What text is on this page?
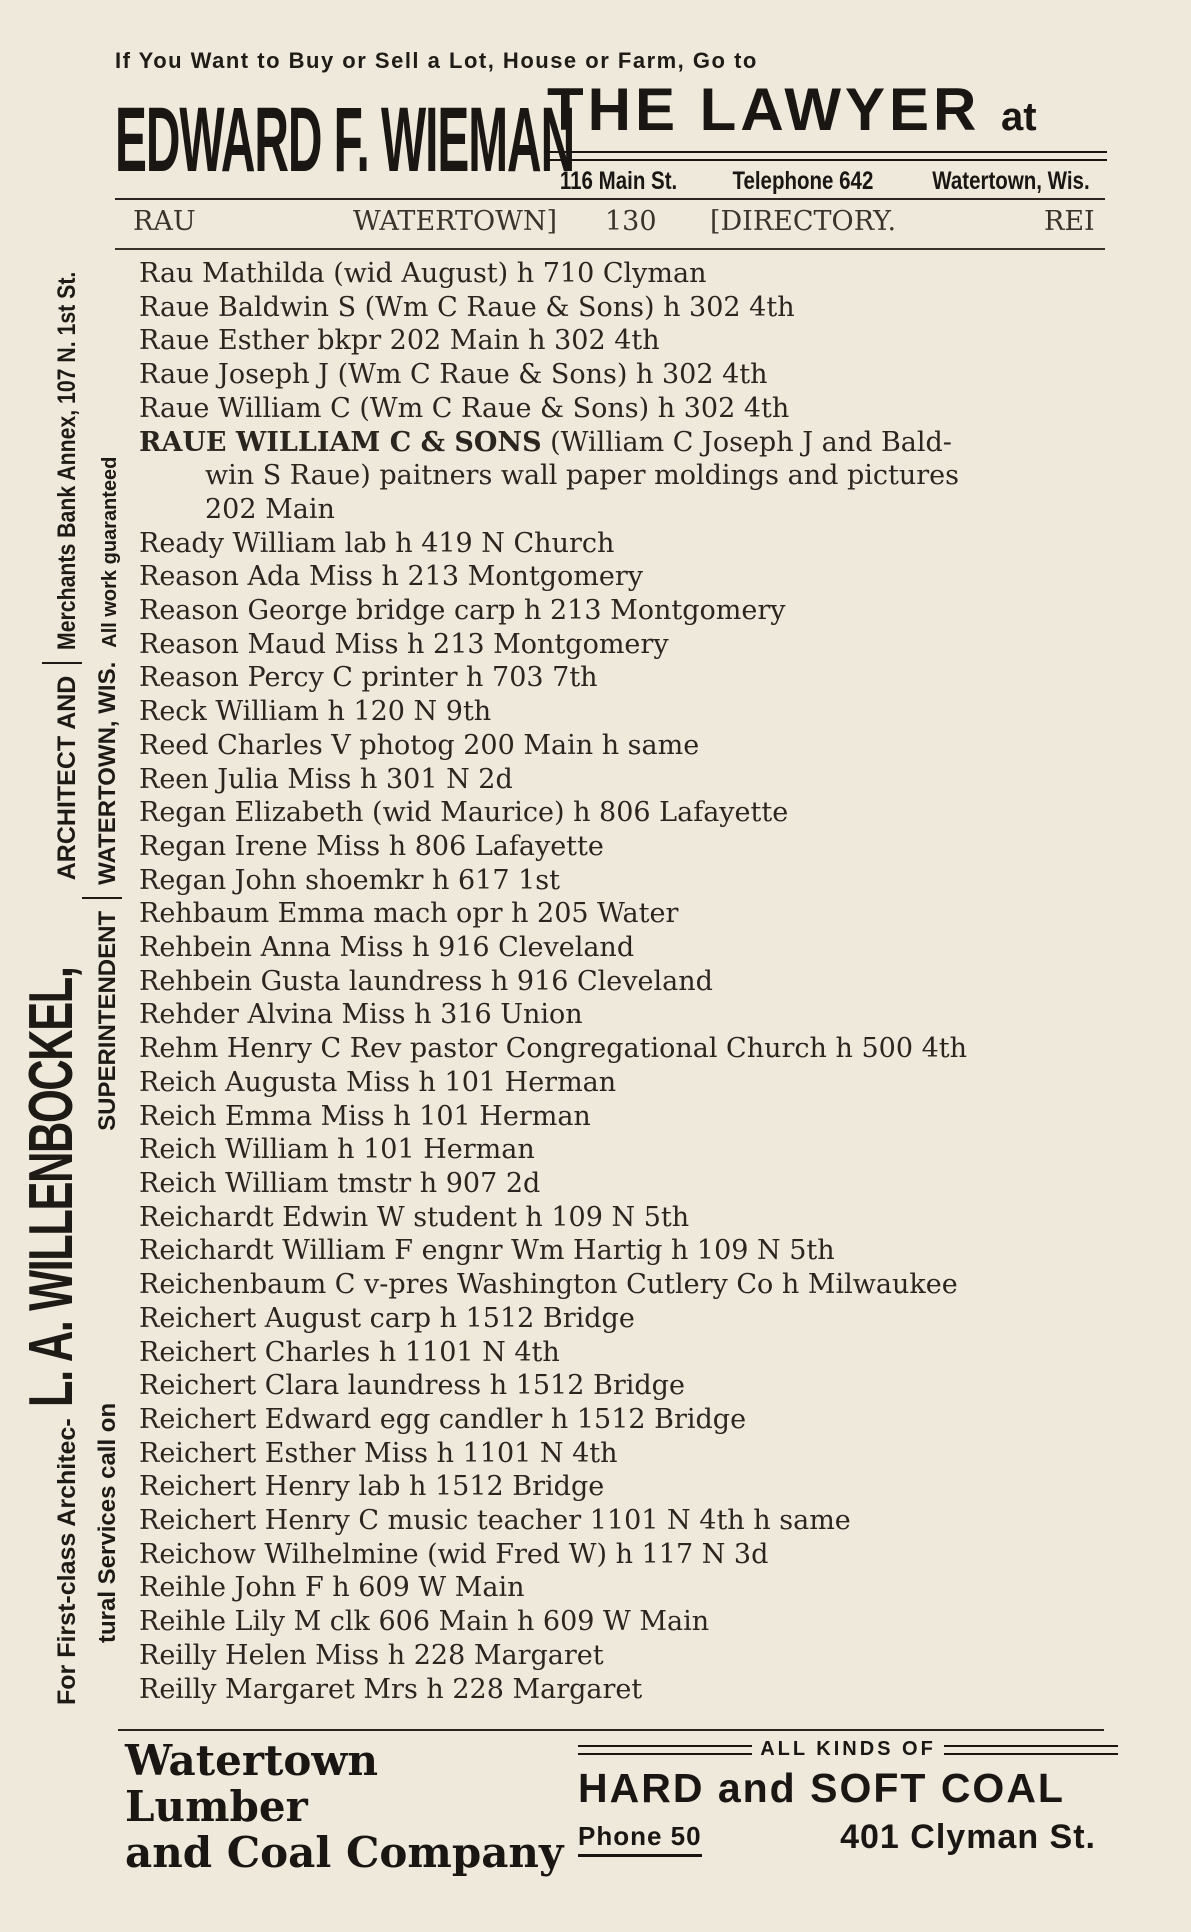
For First-class Architec-
L. A. WILLENBOCKEL,
ARCHITECT AND
Merchants Bank Annex, 107 N. 1st St.
tural Services call on
SUPERINTENDENT
WATERTOWN, WIS.
All work guaranteed
If You Want to Buy or Sell a Lot, House or Farm, Go to
EDWARD F. WIEMAN
THE LAWYER at
116 Main St. Telephone 642 Watertown, Wis.
RAU	WATERTOWN] 130 [DIRECTORY.	REI
Rau Mathilda (wid August) h 710 Clyman
Raue Baldwin S (Wm C Raue & Sons) h 302 4th
Raue Esther bkpr 202 Main h 302 4th
Raue Joseph J (Wm C Raue & Sons) h 302 4th
Raue William C (Wm C Raue & Sons) h 302 4th
RAUE WILLIAM C & SONS (William C Joseph J and Bald-
win S Raue) paitners wall paper moldings and pictures
202 Main
Ready William lab h 419 N Church
Reason Ada Miss h 213 Montgomery
Reason George bridge carp h 213 Montgomery
Reason Maud Miss h 213 Montgomery
Reason Percy C printer h 703 7th
Reck William h 120 N 9th
Reed Charles V photog 200 Main h same
Reen Julia Miss h 301 N 2d
Regan Elizabeth (wid Maurice) h 806 Lafayette
Regan Irene Miss h 806 Lafayette
Regan John shoemkr h 617 1st
Rehbaum Emma mach opr h 205 Water
Rehbein Anna Miss h 916 Cleveland
Rehbein Gusta laundress h 916 Cleveland
Rehder Alvina Miss h 316 Union
Rehm Henry C Rev pastor Congregational Church h 500 4th
Reich Augusta Miss h 101 Herman
Reich Emma Miss h 101 Herman
Reich William h 101 Herman
Reich William tmstr h 907 2d
Reichardt Edwin W student h 109 N 5th
Reichardt William F engnr Wm Hartig h 109 N 5th
Reichenbaum C v-pres Washington Cutlery Co h Milwaukee
Reichert August carp h 1512 Bridge
Reichert Charles h 1101 N 4th
Reichert Clara laundress h 1512 Bridge
Reichert Edward egg candler h 1512 Bridge
Reichert Esther Miss h 1101 N 4th
Reichert Henry lab h 1512 Bridge
Reichert Henry C music teacher 1101 N 4th h same
Reichow Wilhelmine (wid Fred W) h 117 N 3d
Reihle John F h 609 W Main
Reihle Lily M clk 606 Main h 609 W Main
Reilly Helen Miss h 228 Margaret
Reilly Margaret Mrs h 228 Margaret
Watertown Lumber
and Coal Company
ALL KINDS OF
HARD and SOFT COAL
Phone 50	401 Clyman St.
